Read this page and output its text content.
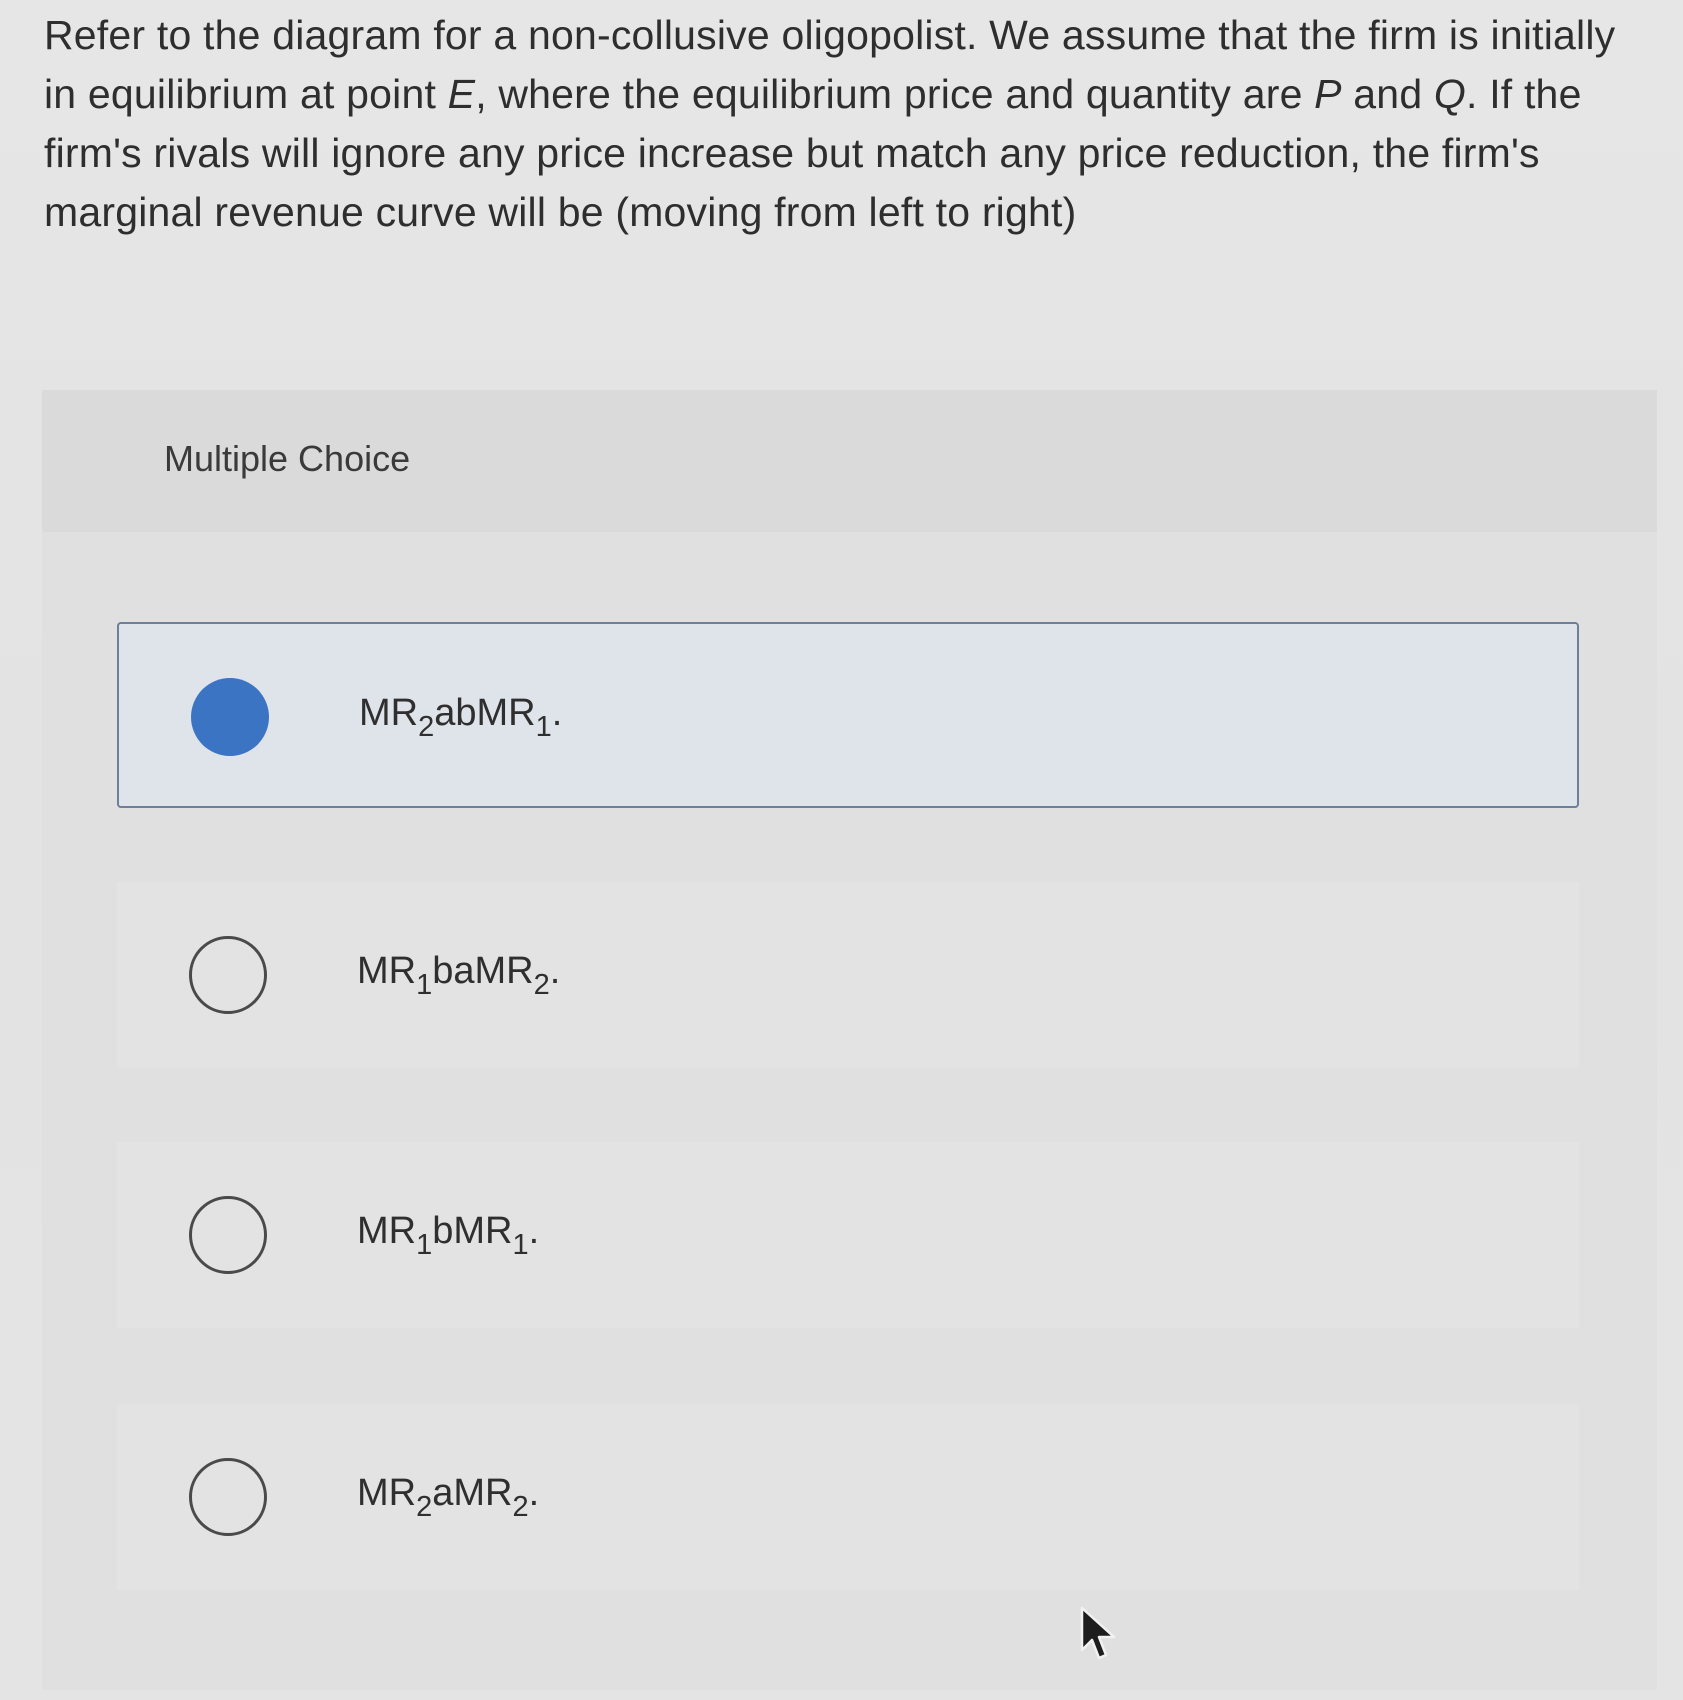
Refer to the diagram for a non-collusive oligopolist. We assume that the firm is initially in equilibrium at point E, where the equilibrium price and quantity are P and Q. If the firm's rivals will ignore any price increase but match any price reduction, the firm's marginal revenue curve will be (moving from left to right)

Multiple Choice
$MR_2abMR_1$.
$MR_1baMR_2$.
$MR_1bMR_1$.
$MR_2aMR_2$.
